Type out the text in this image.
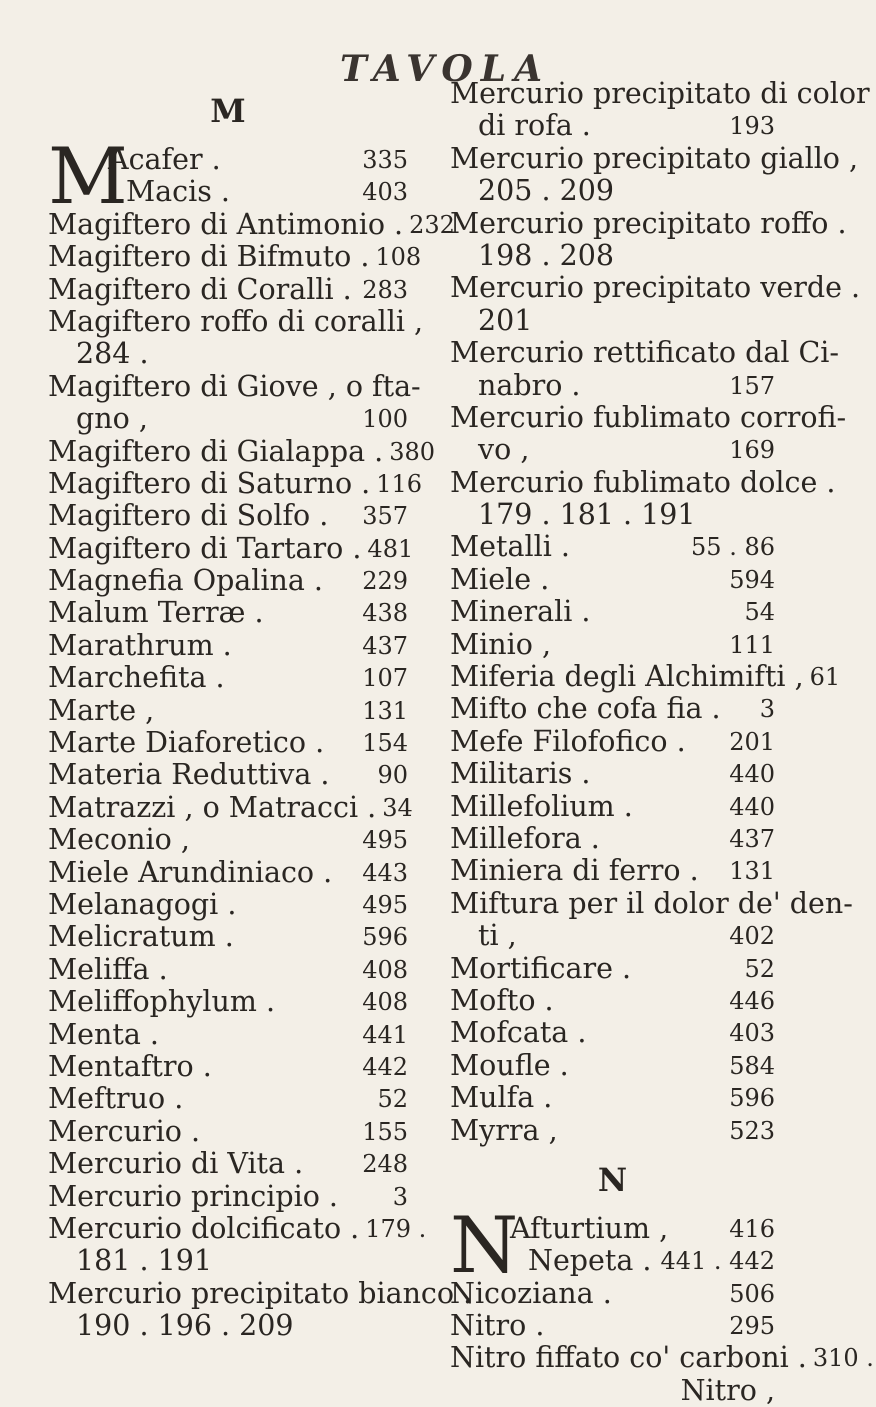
TAVOLA
M
M
Acafer .	335
Macis .	403
Magiftero di Antimonio . 232
Magiftero di Bifmuto . 108
Magiftero di Coralli . 283
Magiftero roffo di coralli ,
284 .
Magiftero di Giove , o fta-
gno ,	100
Magiftero di Gialappa . 380
Magiftero di Saturno . 116
Magiftero di Solfo . 357
Magiftero di Tartaro . 481
Magnefia Opalina . 229
Malum Terræ .	438
Marathrum .	437
Marchefita .	107
Marte ,	131
Marte Diaforetico . 154
Materia Reduttiva . 90
Matrazzi , o Matracci . 34
Meconio ,	495
Miele Arundiniaco . 443
Melanagogi .	495
Melicratum .	596
Meliffa .	408
Meliffophylum .	408
Menta .	441
Mentaftro .	442
Meftruo .	52
Mercurio .	155
Mercurio di Vita . 248
Mercurio principio . 3
Mercurio dolcificato . 179 .
181 . 191
Mercurio precipitato bianco .
190 . 196 . 209
Mercurio precipitato di color
di rofa .	193
Mercurio precipitato giallo ,
205 . 209
Mercurio precipitato roffo .
198 . 208
Mercurio precipitato verde .
201
Mercurio rettificato dal Ci-
nabro .	157
Mercurio fublimato corrofi-
vo ,	169
Mercurio fublimato dolce .
179 . 181 . 191
Metalli .	55 . 86
Miele .	594
Minerali .	54
Minio ,	111
Miferia degli Alchimifti , 61
Mifto che cofa fia . 3
Mefe Filofofico . 201
Militaris .	440
Millefolium .	440
Millefora .	437
Miniera di ferro . 131
Miftura per il dolor de' den-
ti ,	402
Mortificare .	52
Mofto .	446
Mofcata .	403
Moufle .	584
Mulfa .	596
Myrra ,	523
N
N
Afturtium ,	416
Nepeta . 441 . 442
Nicoziana .	506
Nitro .	295
Nitro fiffato co' carboni . 310 .
Nitro ,
